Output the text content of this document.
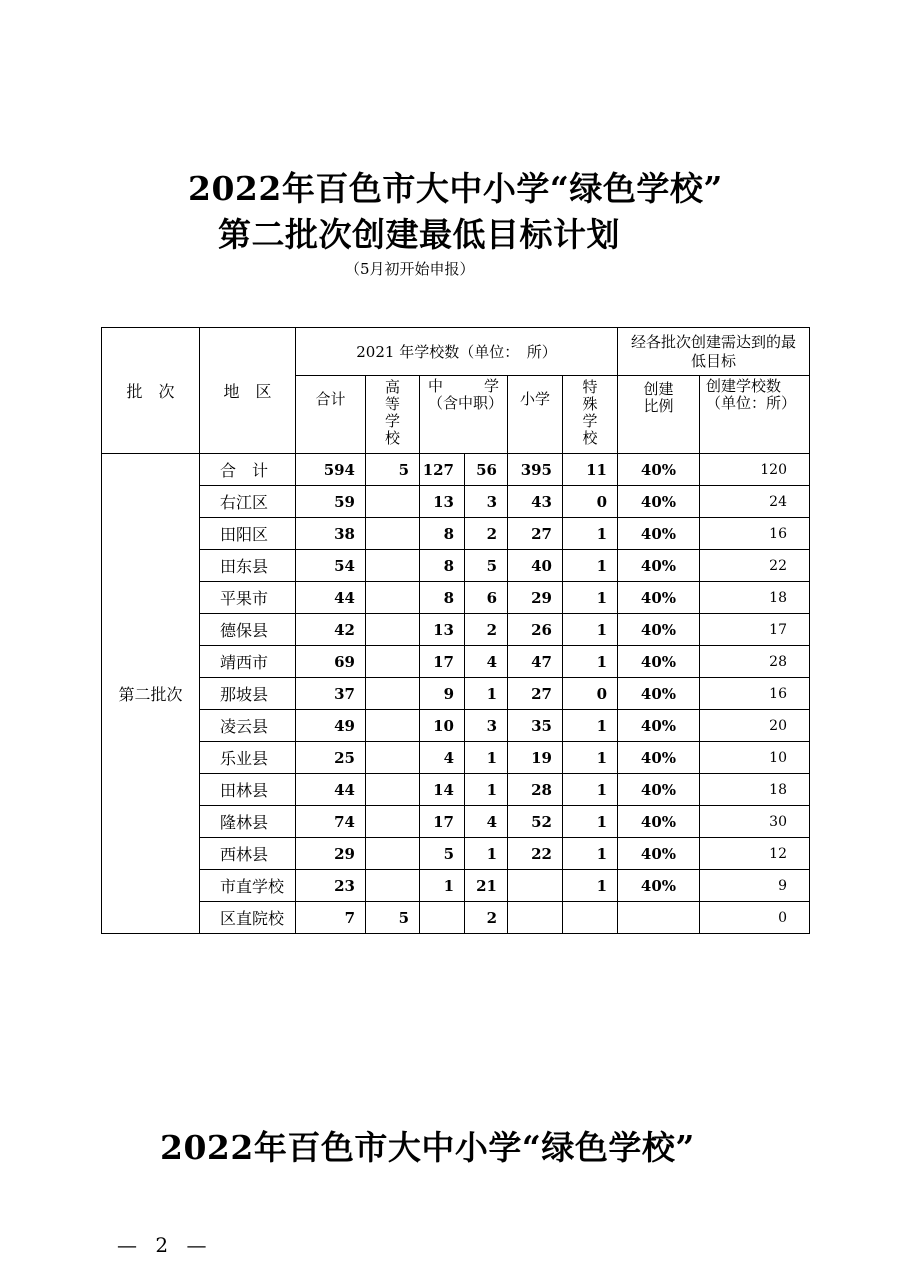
2022年百色市大中小学“绿色学校”
第二批次创建最低目标计划
（5月初开始申报）
批　次	地　区	2021 年学校数（单位：　所）						经各批次创建需达到的最低目标	
		合计	高等学校	中　　学（含中职）		小学	特殊学校	创建比例	创建学校数（单位：所）
第二批次	合　计	594	5	127	56	395	11	40%	120
	右江区	59		13	3	43	0	40%	24
	田阳区	38		8	2	27	1	40%	16
	田东县	54		8	5	40	1	40%	22
	平果市	44		8	6	29	1	40%	18
	德保县	42		13	2	26	1	40%	17
	靖西市	69		17	4	47	1	40%	28
	那坡县	37		9	1	27	0	40%	16
	凌云县	49		10	3	35	1	40%	20
	乐业县	25		4	1	19	1	40%	10
	田林县	44		14	1	28	1	40%	18
	隆林县	74		17	4	52	1	40%	30
	西林县	29		5	1	22	1	40%	12
	市直学校	23		1	21		1	40%	9
	区直院校	7	5		2				0
2022年百色市大中小学“绿色学校”
— 2 —
